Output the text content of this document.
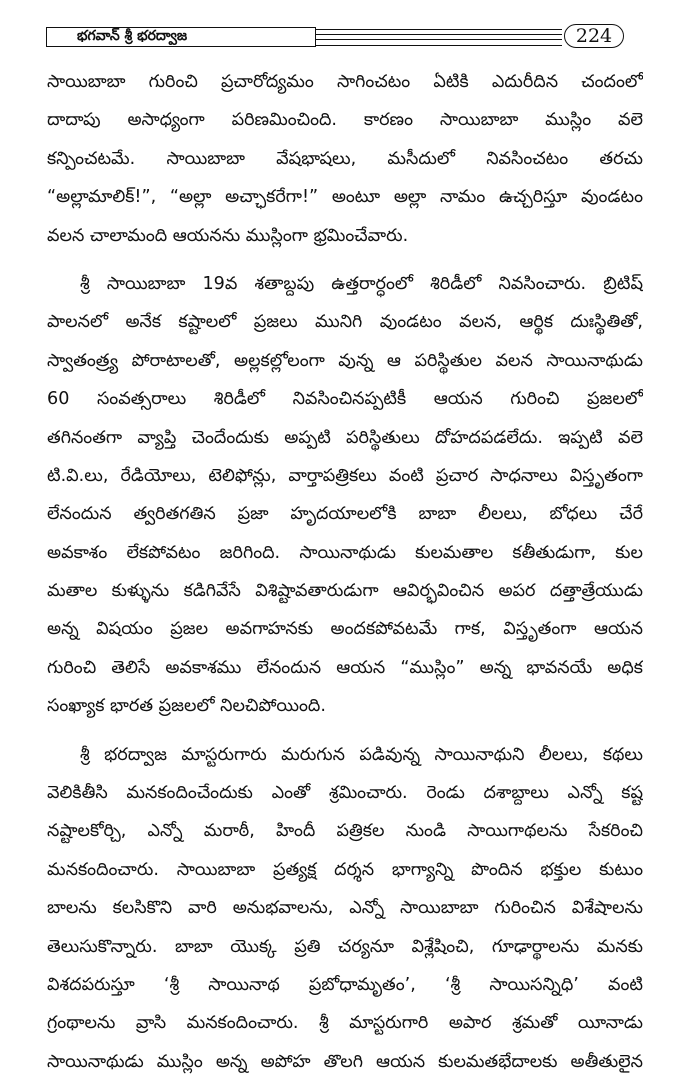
భగవాన్ శ్రీ భరద్వాజ	224
సాయిబాబా గురించి ప్రచారోద్యమం సాగించటం ఏటికి ఎదురీదిన చందంలో
దాదాపు అసాధ్యంగా పరిణమించింది. కారణం సాయిబాబా ముస్లిం వలె
కన్పించటమే. సాయిబాబా వేషభాషలు, మసీదులో నివసించటం తరచు
“అల్లామాలిక్!”, “అల్లా అచ్ఛాకరేగా!” అంటూ అల్లా నామం ఉచ్చరిస్తూ వుండటం
వలన చాలామంది ఆయనను ముస్లింగా భ్రమించేవారు.
శ్రీ సాయిబాబా 19వ శతాబ్దపు ఉత్తరార్ధంలో శిరిడీలో నివసించారు. బ్రిటిష్
పాలనలో అనేక కష్టాలలో ప్రజలు మునిగి వుండటం వలన, ఆర్థిక దుఃస్థితితో,
స్వాతంత్ర్య పోరాటాలతో, అల్లకల్లోలంగా వున్న ఆ పరిస్థితుల వలన సాయినాథుడు
60 సంవత్సరాలు శిరిడీలో నివసించినప్పటికీ ఆయన గురించి ప్రజలలో
తగినంతగా వ్యాప్తి చెందేందుకు అప్పటి పరిస్థితులు దోహదపడలేదు. ఇప్పటి వలె
టి.వి.లు, రేడియోలు, టెలిఫోన్లు, వార్తాపత్రికలు వంటి ప్రచార సాధనాలు విస్తృతంగా
లేనందున త్వరితగతిన ప్రజా హృదయాలలోకి బాబా లీలలు, బోధలు చేరే
అవకాశం లేకపోవటం జరిగింది. సాయినాథుడు కులమతాల కతీతుడుగా, కుల
మతాల కుళ్ళును కడిగివేసే విశిష్టావతారుడుగా ఆవిర్భవించిన అపర దత్తాత్రేయుడు
అన్న విషయం ప్రజల అవగాహనకు అందకపోవటమే గాక, విస్తృతంగా ఆయన
గురించి తెలిసే అవకాశము లేనందున ఆయన “ముస్లిం” అన్న భావనయే అధిక
సంఖ్యాక భారత ప్రజలలో నిలచిపోయింది.
శ్రీ భరద్వాజ మాస్టరుగారు మరుగున పడివున్న సాయినాథుని లీలలు, కథలు
వెలికితీసి మనకందించేందుకు ఎంతో శ్రమించారు. రెండు దశాబ్దాలు ఎన్నో కష్ట
నష్టాలకోర్చి, ఎన్నో మరాఠీ, హిందీ పత్రికల నుండి సాయిగాథలను సేకరించి
మనకందించారు. సాయిబాబా ప్రత్యక్ష దర్శన భాగ్యాన్ని పొందిన భక్తుల కుటుం
బాలను కలసికొని వారి అనుభవాలను, ఎన్నో సాయిబాబా గురించిన విశేషాలను
తెలుసుకొన్నారు. బాబా యొక్క ప్రతి చర్యనూ విశ్లేషించి, గూఢార్థాలను మనకు
విశదపరుస్తూ ‘శ్రీ సాయినాథ ప్రబోధామృతం’, ‘శ్రీ సాయిసన్నిధి’ వంటి
గ్రంథాలను వ్రాసి మనకందించారు. శ్రీ మాస్టరుగారి అపార శ్రమతో యీనాడు
సాయినాథుడు ముస్లిం అన్న అపోహ తొలగి ఆయన కులమతభేదాలకు అతీతులైన
